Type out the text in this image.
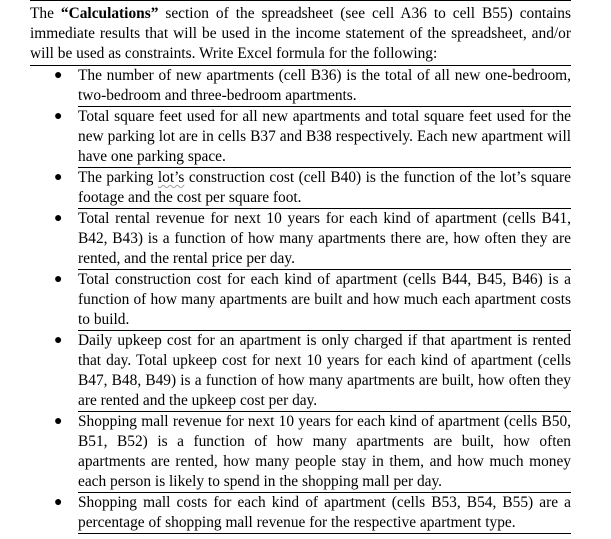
The “Calculations” section of the spreadsheet (see cell A36 to cell B55) contains immediate results that will be used in the income statement of the spreadsheet, and/or will be used as constraints. Write Excel formula for the following:

● The number of new apartments (cell B36) is the total of all new one-bedroom, two-bedroom and three-bedroom apartments.
● Total square feet used for all new apartments and total square feet used for the new parking lot are in cells B37 and B38 respectively. Each new apartment will have one parking space.
● The parking lot’s construction cost (cell B40) is the function of the lot’s square footage and the cost per square foot.
● Total rental revenue for next 10 years for each kind of apartment (cells B41, B42, B43) is a function of how many apartments there are, how often they are rented, and the rental price per day.
● Total construction cost for each kind of apartment (cells B44, B45, B46) is a function of how many apartments are built and how much each apartment costs to build.
● Daily upkeep cost for an apartment is only charged if that apartment is rented that day. Total upkeep cost for next 10 years for each kind of apartment (cells B47, B48, B49) is a function of how many apartments are built, how often they are rented and the upkeep cost per day.
● Shopping mall revenue for next 10 years for each kind of apartment (cells B50, B51, B52) is a function of how many apartments are built, how often apartments are rented, how many people stay in them, and how much money each person is likely to spend in the shopping mall per day.
● Shopping mall costs for each kind of apartment (cells B53, B54, B55) are a percentage of shopping mall revenue for the respective apartment type.
